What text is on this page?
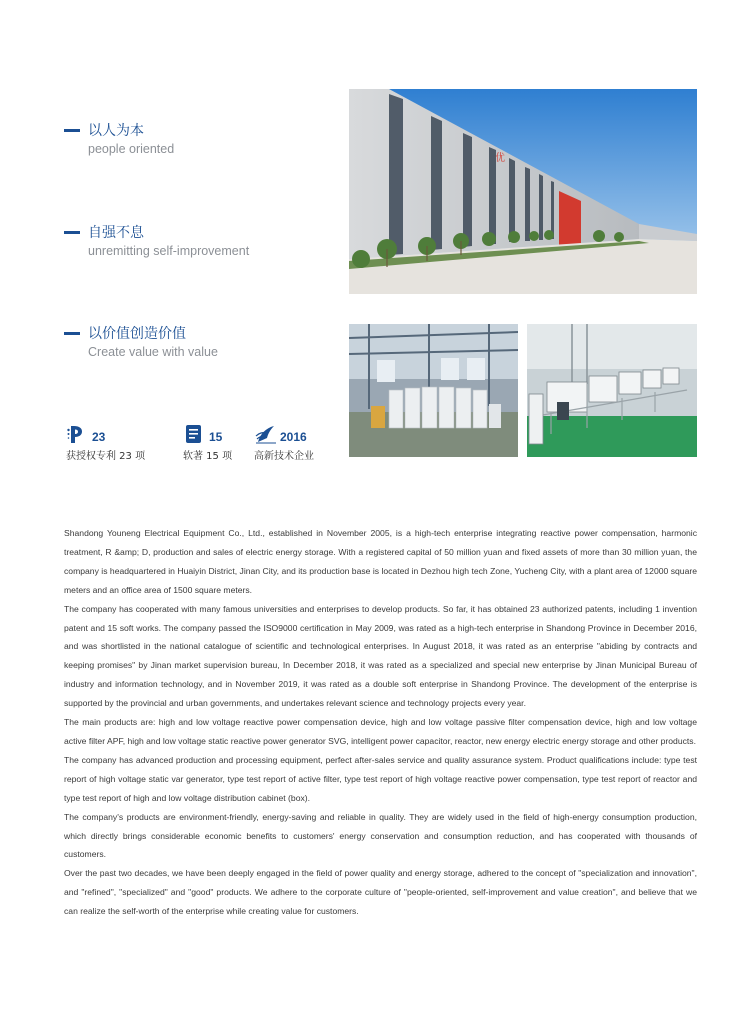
以人为本
people oriented
自强不息
unremitting self-improvement
以价值创造价值
Create value with value
优
23
获授权专利 23 项
15
软著 15 项
2016
高新技术企业

Shandong Youneng Electrical Equipment Co., Ltd., established in November 2005, is a high-tech enterprise integrating reactive power compensation, harmonic treatment, R &amp; D, production and sales of electric energy storage. With a registered capital of 50 million yuan and fixed assets of more than 30 million yuan, the company is headquartered in Huaiyin District, Jinan City, and its production base is located in Dezhou high tech Zone, Yucheng City, with a plant area of 12000 square meters and an office area of 1500 square meters.

The company has cooperated with many famous universities and enterprises to develop products. So far, it has obtained 23 authorized patents, including 1 invention patent and 15 soft works. The company passed the ISO9000 certification in May 2009, was rated as a high-tech enterprise in Shandong Province in December 2016, and was shortlisted in the national catalogue of scientific and technological enterprises. In August 2018, it was rated as an enterprise "abiding by contracts and keeping promises" by Jinan market supervision bureau, In December 2018, it was rated as a specialized and special new enterprise by Jinan Municipal Bureau of industry and information technology, and in November 2019, it was rated as a double soft enterprise in Shandong Province. The development of the enterprise is supported by the provincial and urban governments, and undertakes relevant science and technology projects every year.

The main products are: high and low voltage reactive power compensation device, high and low voltage passive filter compensation device, high and low voltage active filter APF, high and low voltage static reactive power generator SVG, intelligent power capacitor, reactor, new energy electric energy storage and other products.

The company has advanced production and processing equipment, perfect after-sales service and quality assurance system. Product qualifications include: type test report of high voltage static var generator, type test report of active filter, type test report of high voltage reactive power compensation, type test report of reactor and type test report of high and low voltage distribution cabinet (box).

The company's products are environment-friendly, energy-saving and reliable in quality. They are widely used in the field of high-energy consumption production, which directly brings considerable economic benefits to customers' energy conservation and consumption reduction, and has cooperated with thousands of customers.

Over the past two decades, we have been deeply engaged in the field of power quality and energy storage, adhered to the concept of "specialization and innovation", and "refined", "specialized" and "good" products. We adhere to the corporate culture of "people-oriented, self-improvement and value creation", and believe that we can realize the self-worth of the enterprise while creating value for customers.
